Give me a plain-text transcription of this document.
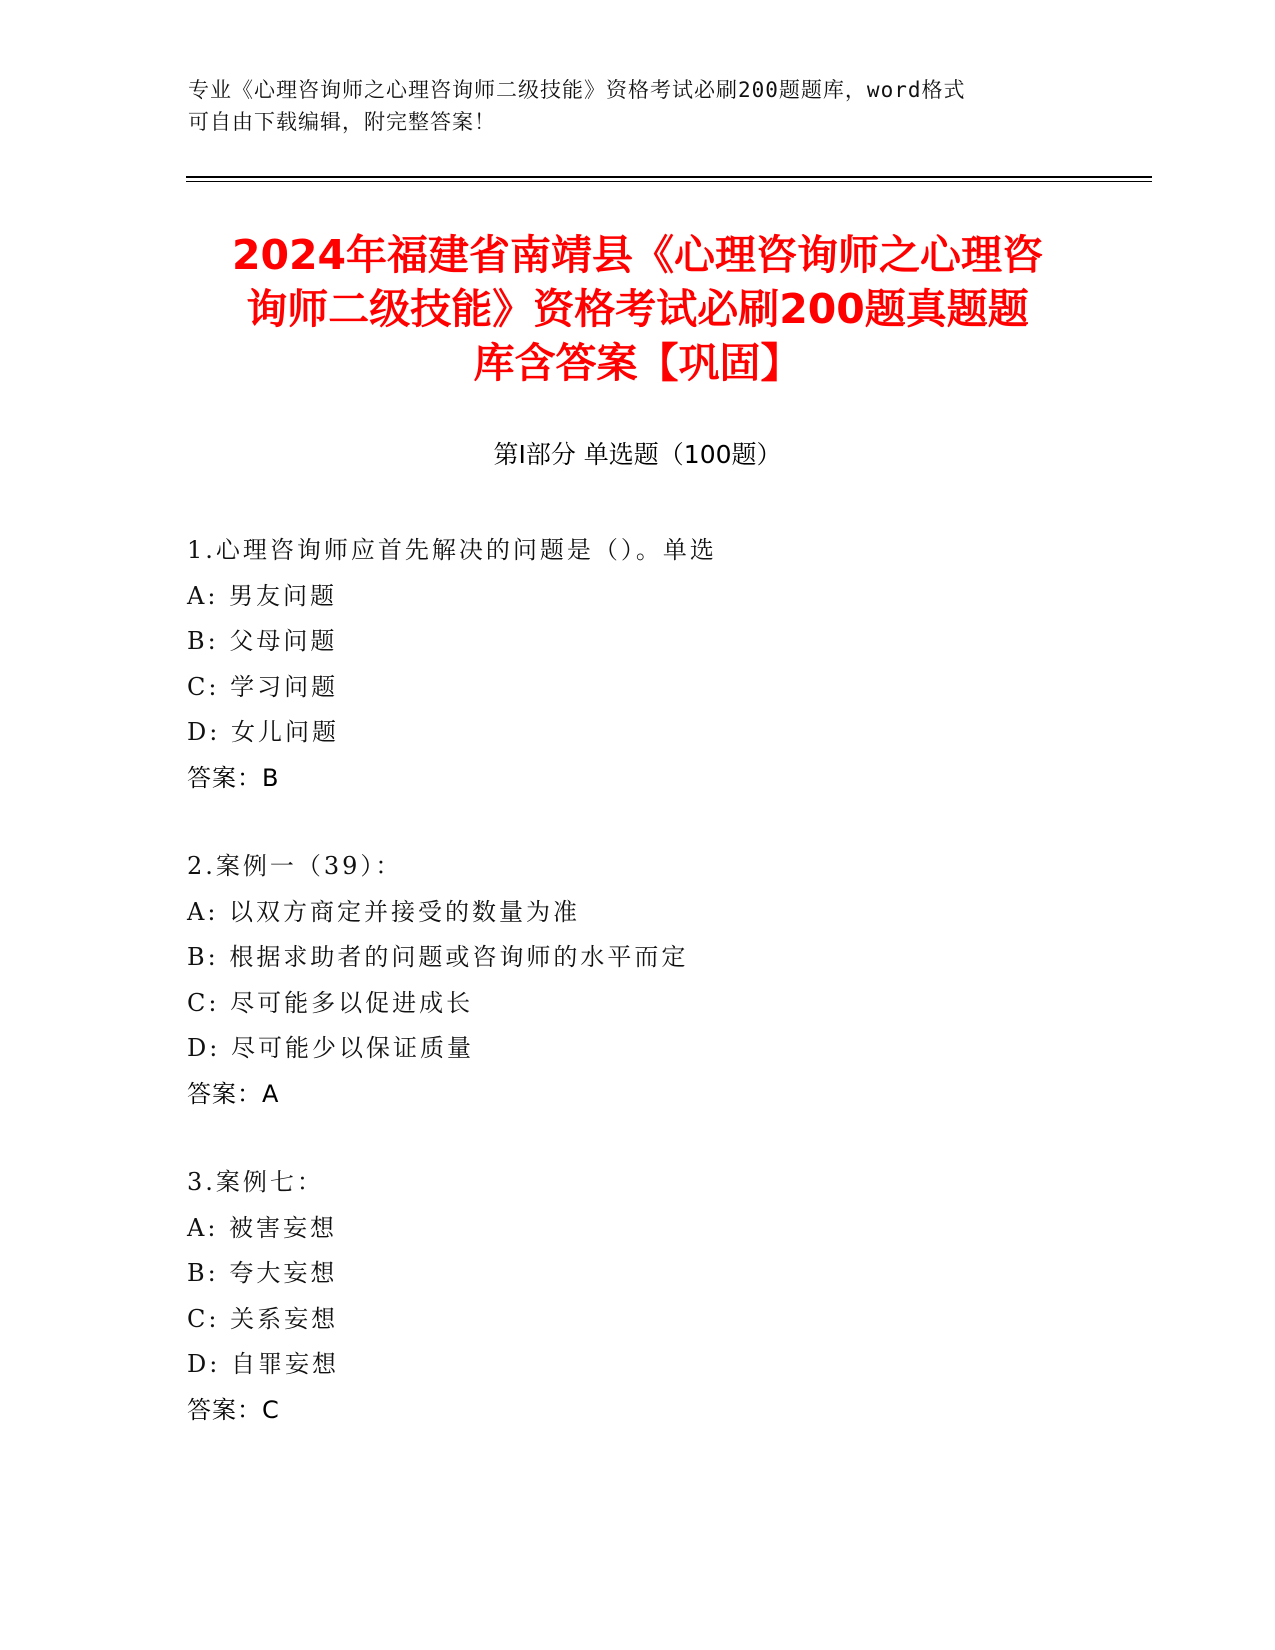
专业《心理咨询师之心理咨询师二级技能》资格考试必刷200题题库，word格式
可自由下载编辑，附完整答案！
2024年福建省南靖县《心理咨询师之心理咨
询师二级技能》资格考试必刷200题真题题
库含答案【巩固】
第Ⅰ部分 单选题（100题）
1.心理咨询师应首先解决的问题是（）。单选
A: 男友问题
B: 父母问题
C: 学习问题
D: 女儿问题
答案：B
2.案例一（39）：
A: 以双方商定并接受的数量为准
B: 根据求助者的问题或咨询师的水平而定
C: 尽可能多以促进成长
D: 尽可能少以保证质量
答案：A
3.案例七：
A: 被害妄想
B: 夸大妄想
C: 关系妄想
D: 自罪妄想
答案：C
